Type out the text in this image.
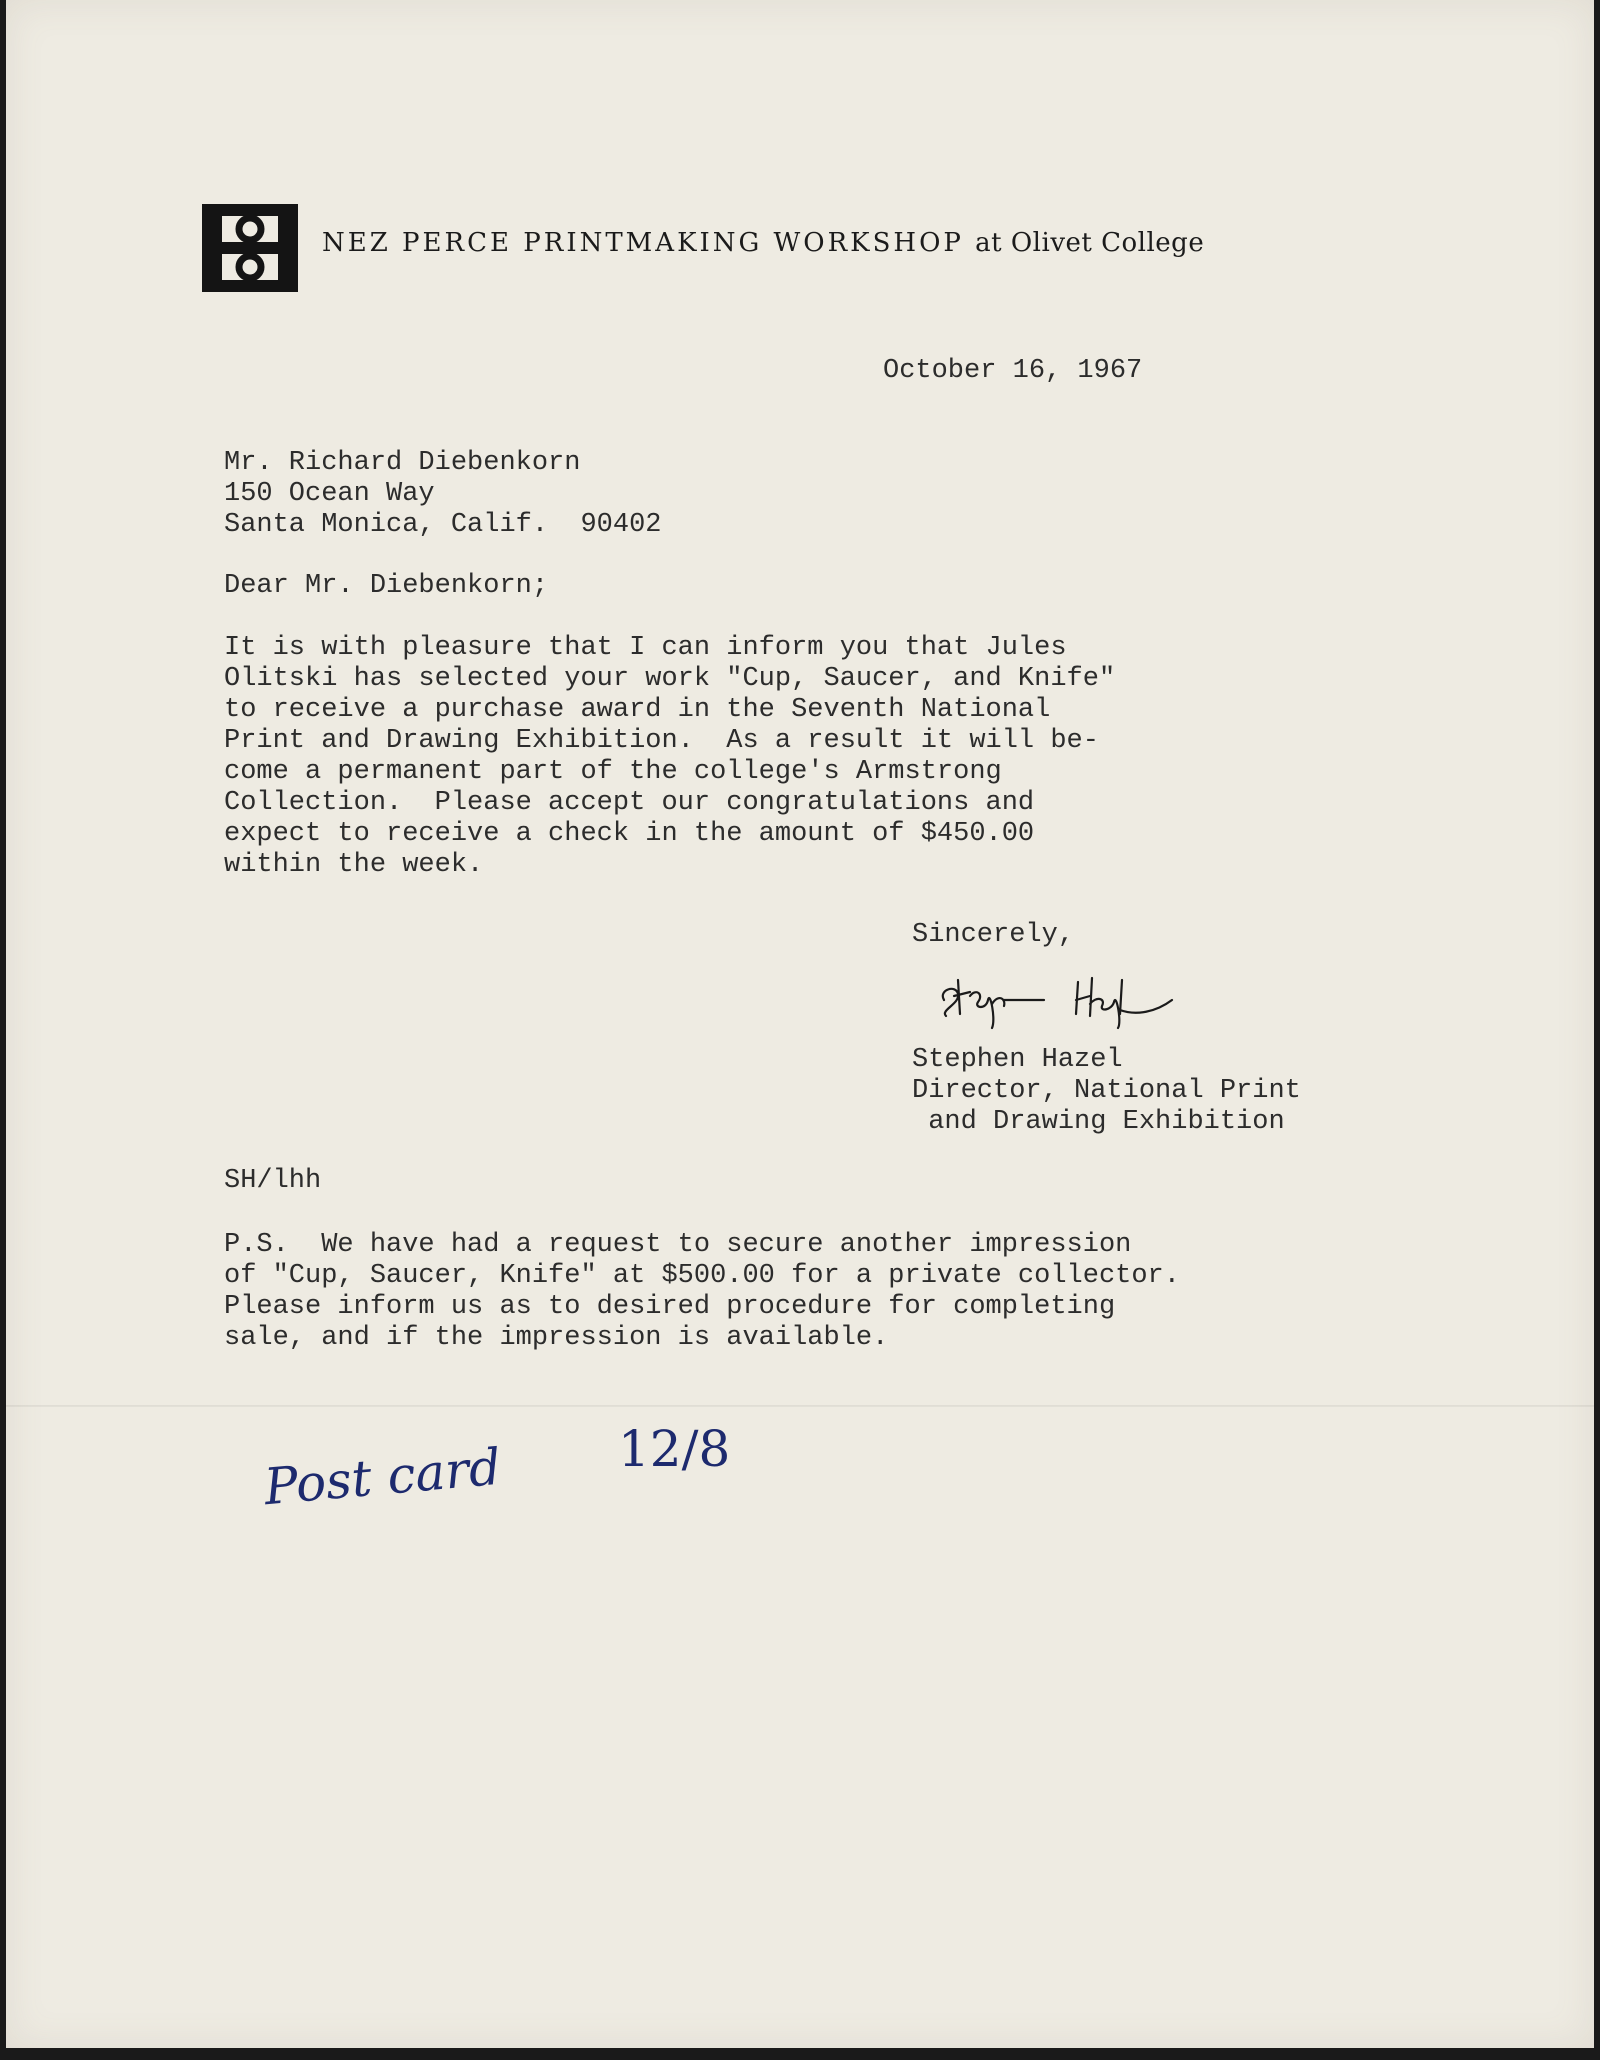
NEZ PERCE PRINTMAKING WORKSHOP at Olivet College
October 16, 1967
Mr. Richard Diebenkorn
150 Ocean Way
Santa Monica, Calif.  90402
Dear Mr. Diebenkorn;
It is with pleasure that I can inform you that Jules
Olitski has selected your work "Cup, Saucer, and Knife"
to receive a purchase award in the Seventh National
Print and Drawing Exhibition.  As a result it will be-
come a permanent part of the college's Armstrong
Collection.  Please accept our congratulations and
expect to receive a check in the amount of $450.00
within the week.
Sincerely,
Stephen Hazel
Director, National Print
and Drawing Exhibition
SH/lhh
P.S.  We have had a request to secure another impression
of "Cup, Saucer, Knife" at $500.00 for a private collector.
Please inform us as to desired procedure for completing
sale, and if the impression is available.
Post card 12/8
